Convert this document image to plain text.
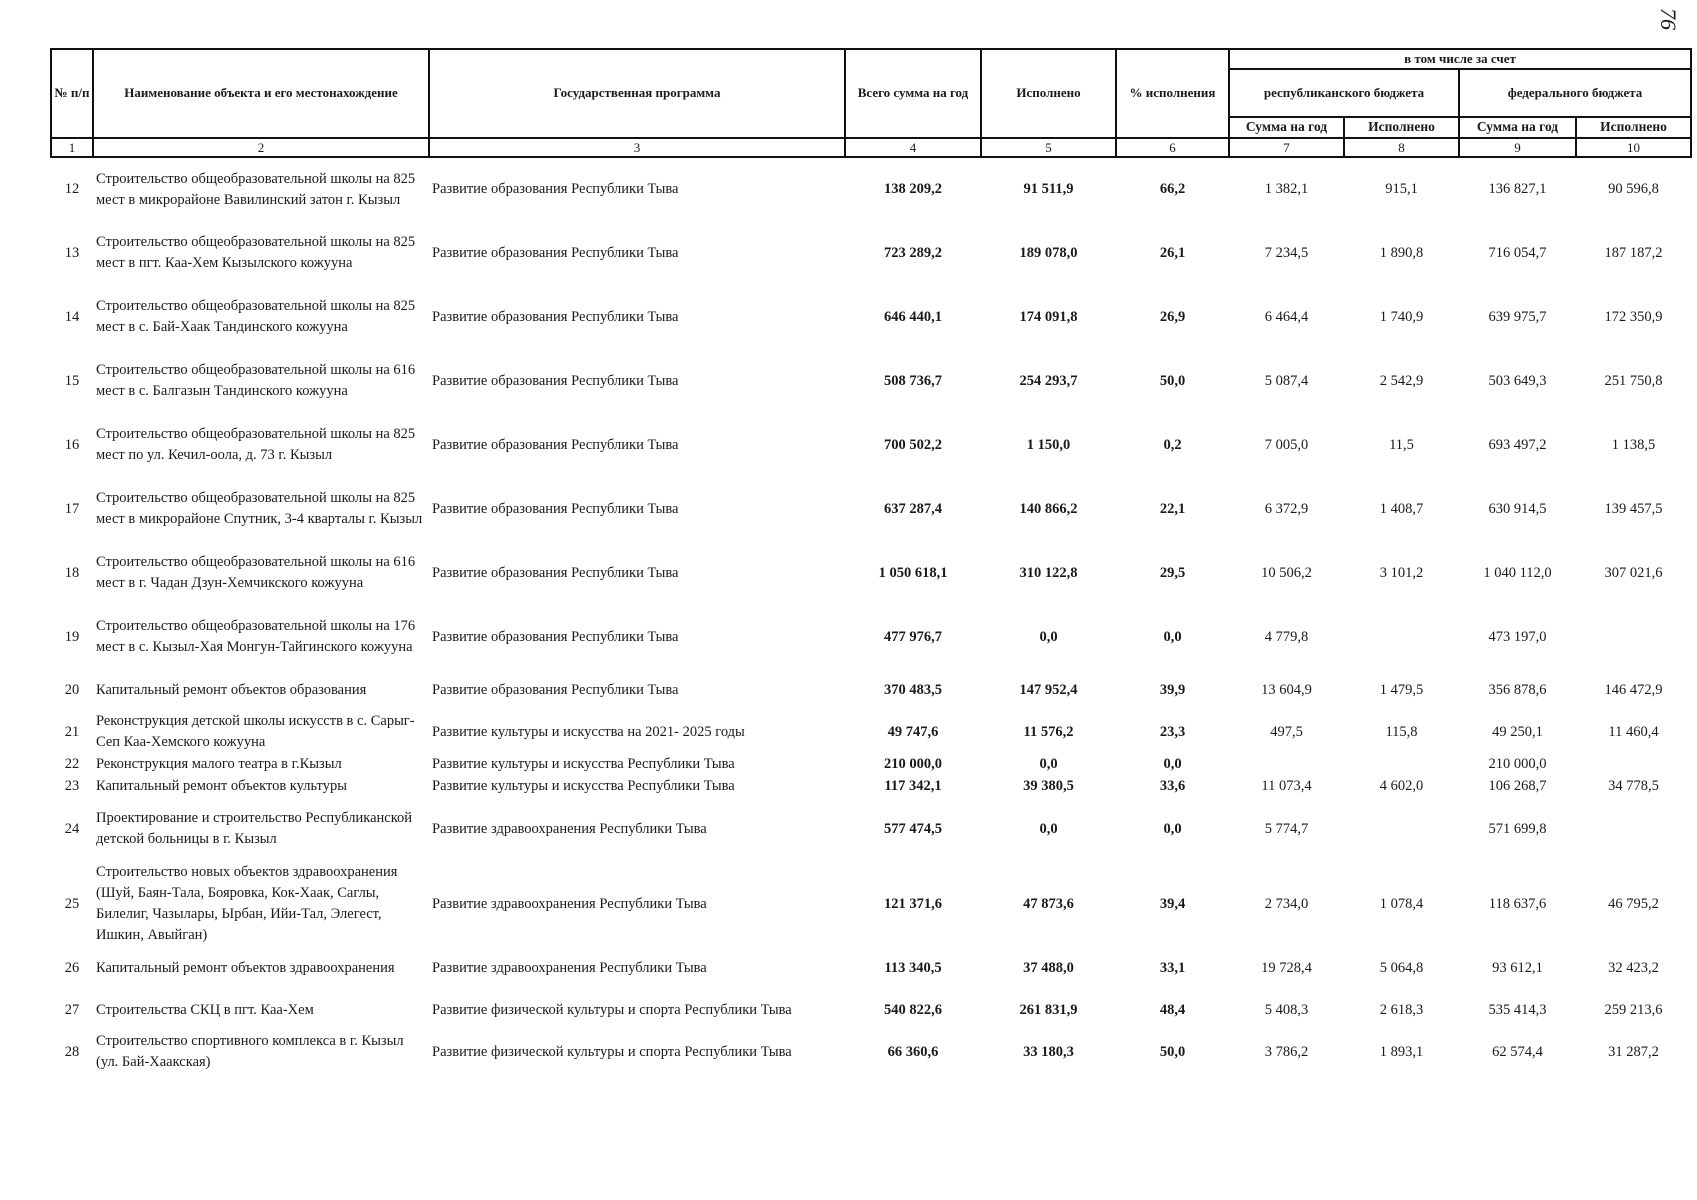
76
№ п/п	Наименование объекта и его местонахождение	Государственная программа	Всего сумма на год	Исполнено	% исполнения	в том числе за счет			
						республиканского бюджета		федерального бюджета	
						Сумма на год	Исполнено	Сумма на год	Исполнено
1	2	3	4	5	6	7	8	9	10
12	Строительство общеобразовательной школы на 825 мест в микрорайоне Вавилинский затон г. Кызыл	Развитие образования Республики Тыва	138 209,2	91 511,9	66,2	1 382,1	915,1	136 827,1	90 596,8
13	Строительство общеобразовательной школы на 825 мест в пгт. Каа-Хем Кызылского кожууна	Развитие образования Республики Тыва	723 289,2	189 078,0	26,1	7 234,5	1 890,8	716 054,7	187 187,2
14	Строительство общеобразовательной школы на 825 мест в с. Бай-Хаак Тандинского кожууна	Развитие образования Республики Тыва	646 440,1	174 091,8	26,9	6 464,4	1 740,9	639 975,7	172 350,9
15	Строительство общеобразовательной школы на 616 мест в с. Балгазын Тандинского кожууна	Развитие образования Республики Тыва	508 736,7	254 293,7	50,0	5 087,4	2 542,9	503 649,3	251 750,8
16	Строительство общеобразовательной школы на 825 мест по ул. Кечил-оола, д. 73 г. Кызыл	Развитие образования Республики Тыва	700 502,2	1 150,0	0,2	7 005,0	11,5	693 497,2	1 138,5
17	Строительство общеобразовательной школы на 825 мест в микрорайоне Спутник, 3-4 кварталы г. Кызыл	Развитие образования Республики Тыва	637 287,4	140 866,2	22,1	6 372,9	1 408,7	630 914,5	139 457,5
18	Строительство общеобразовательной школы на 616 мест в г. Чадан Дзун-Хемчикского кожууна	Развитие образования Республики Тыва	1 050 618,1	310 122,8	29,5	10 506,2	3 101,2	1 040 112,0	307 021,6
19	Строительство общеобразовательной школы на 176 мест в с. Кызыл-Хая Монгун-Тайгинского кожууна	Развитие образования Республики Тыва	477 976,7	0,0	0,0	4 779,8		473 197,0	
20	Капитальный ремонт объектов образования	Развитие образования Республики Тыва	370 483,5	147 952,4	39,9	13 604,9	1 479,5	356 878,6	146 472,9
21	Реконструкция детской школы искусств в с. Сарыг-Сеп Каа-Хемского кожууна	Развитие культуры и искусства на 2021- 2025 годы	49 747,6	11 576,2	23,3	497,5	115,8	49 250,1	11 460,4
22	Реконструкция малого театра в г.Кызыл	Развитие культуры и искусства Республики Тыва	210 000,0	0,0	0,0			210 000,0	
23	Капитальный ремонт объектов культуры	Развитие культуры и искусства Республики Тыва	117 342,1	39 380,5	33,6	11 073,4	4 602,0	106 268,7	34 778,5
24	Проектирование и строительство Республиканской детской больницы в г. Кызыл	Развитие здравоохранения Республики Тыва	577 474,5	0,0	0,0	5 774,7		571 699,8	
25	Строительство новых объектов здравоохранения (Шуй, Баян-Тала, Бояровка, Кок-Хаак, Саглы, Билелиг, Чазылары, Ырбан, Ийи-Тал, Элегест, Ишкин, Авыйган)	Развитие здравоохранения Республики Тыва	121 371,6	47 873,6	39,4	2 734,0	1 078,4	118 637,6	46 795,2
26	Капитальный ремонт объектов здравоохранения	Развитие здравоохранения Республики Тыва	113 340,5	37 488,0	33,1	19 728,4	5 064,8	93 612,1	32 423,2
27	Строительства СКЦ в пгт. Каа-Хем	Развитие физической культуры и спорта Республики Тыва	540 822,6	261 831,9	48,4	5 408,3	2 618,3	535 414,3	259 213,6
28	Строительство спортивного комплекса в г. Кызыл (ул. Бай-Хаакская)	Развитие физической культуры и спорта Республики Тыва	66 360,6	33 180,3	50,0	3 786,2	1 893,1	62 574,4	31 287,2
